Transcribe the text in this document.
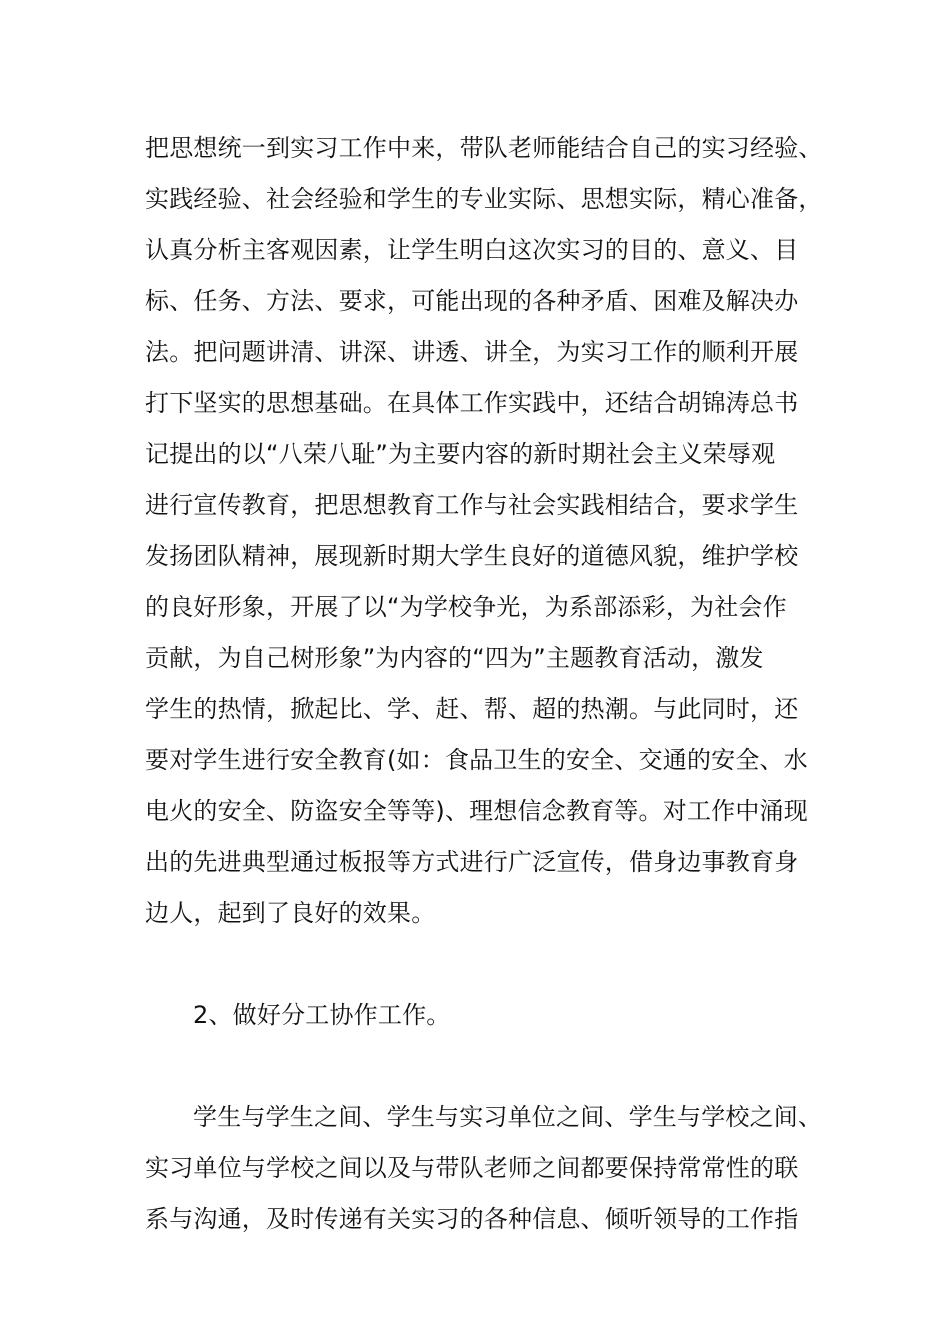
把思想统一到实习工作中来，带队老师能结合自己的实习经验、
实践经验、社会经验和学生的专业实际、思想实际，精心准备，
认真分析主客观因素，让学生明白这次实习的目的、意义、目
标、任务、方法、要求，可能出现的各种矛盾、困难及解决办
法。把问题讲清、讲深、讲透、讲全，为实习工作的顺利开展
打下坚实的思想基础。在具体工作实践中，还结合胡锦涛总书
记提出的以“八荣八耻”为主要内容的新时期社会主义荣辱观
进行宣传教育，把思想教育工作与社会实践相结合，要求学生
发扬团队精神，展现新时期大学生良好的道德风貌，维护学校
的良好形象，开展了以“为学校争光，为系部添彩，为社会作
贡献，为自己树形象”为内容的“四为”主题教育活动，激发
学生的热情，掀起比、学、赶、帮、超的热潮。与此同时，还
要对学生进行安全教育(如：食品卫生的安全、交通的安全、水
电火的安全、防盗安全等等)、理想信念教育等。对工作中涌现
出的先进典型通过板报等方式进行广泛宣传，借身边事教育身
边人，起到了良好的效果。
2、做好分工协作工作。
学生与学生之间、学生与实习单位之间、学生与学校之间、
实习单位与学校之间以及与带队老师之间都要保持常常性的联
系与沟通，及时传递有关实习的各种信息、倾听领导的工作指
